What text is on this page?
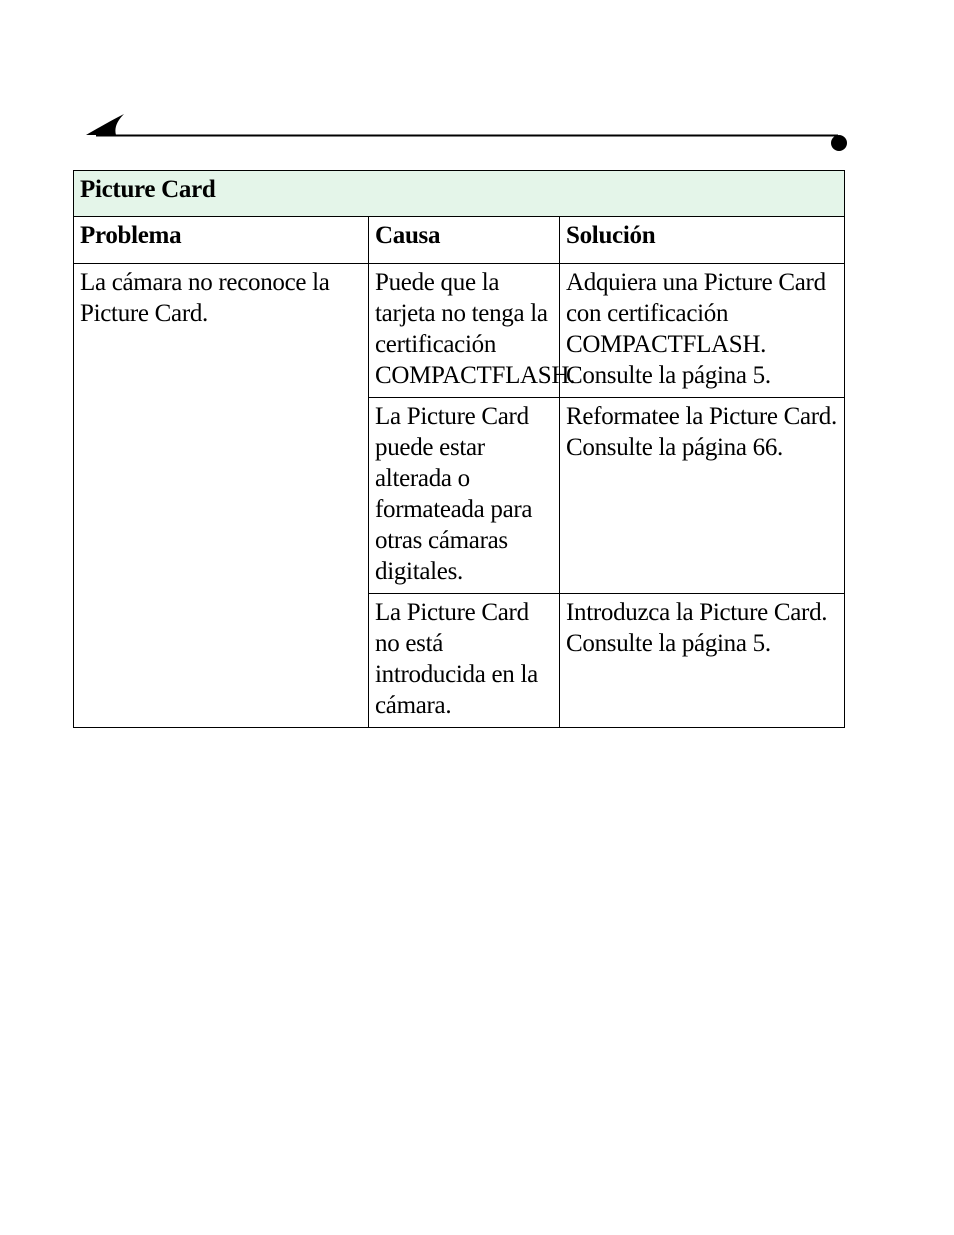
Picture Card		
Problema	Causa	Solución
La cámara no reconoce la Picture Card.	Puede que la tarjeta no tenga la certificación COMPACTFLASH.	Adquiera una Picture Card con certificación COMPACTFLASH. Consulte la página 5.
	La Picture Card puede estar alterada o formateada para otras cámaras digitales.	Reformatee la Picture Card. Consulte la página 66.
	La Picture Card no está introducida en la cámara.	Introduzca la Picture Card. Consulte la página 5.
